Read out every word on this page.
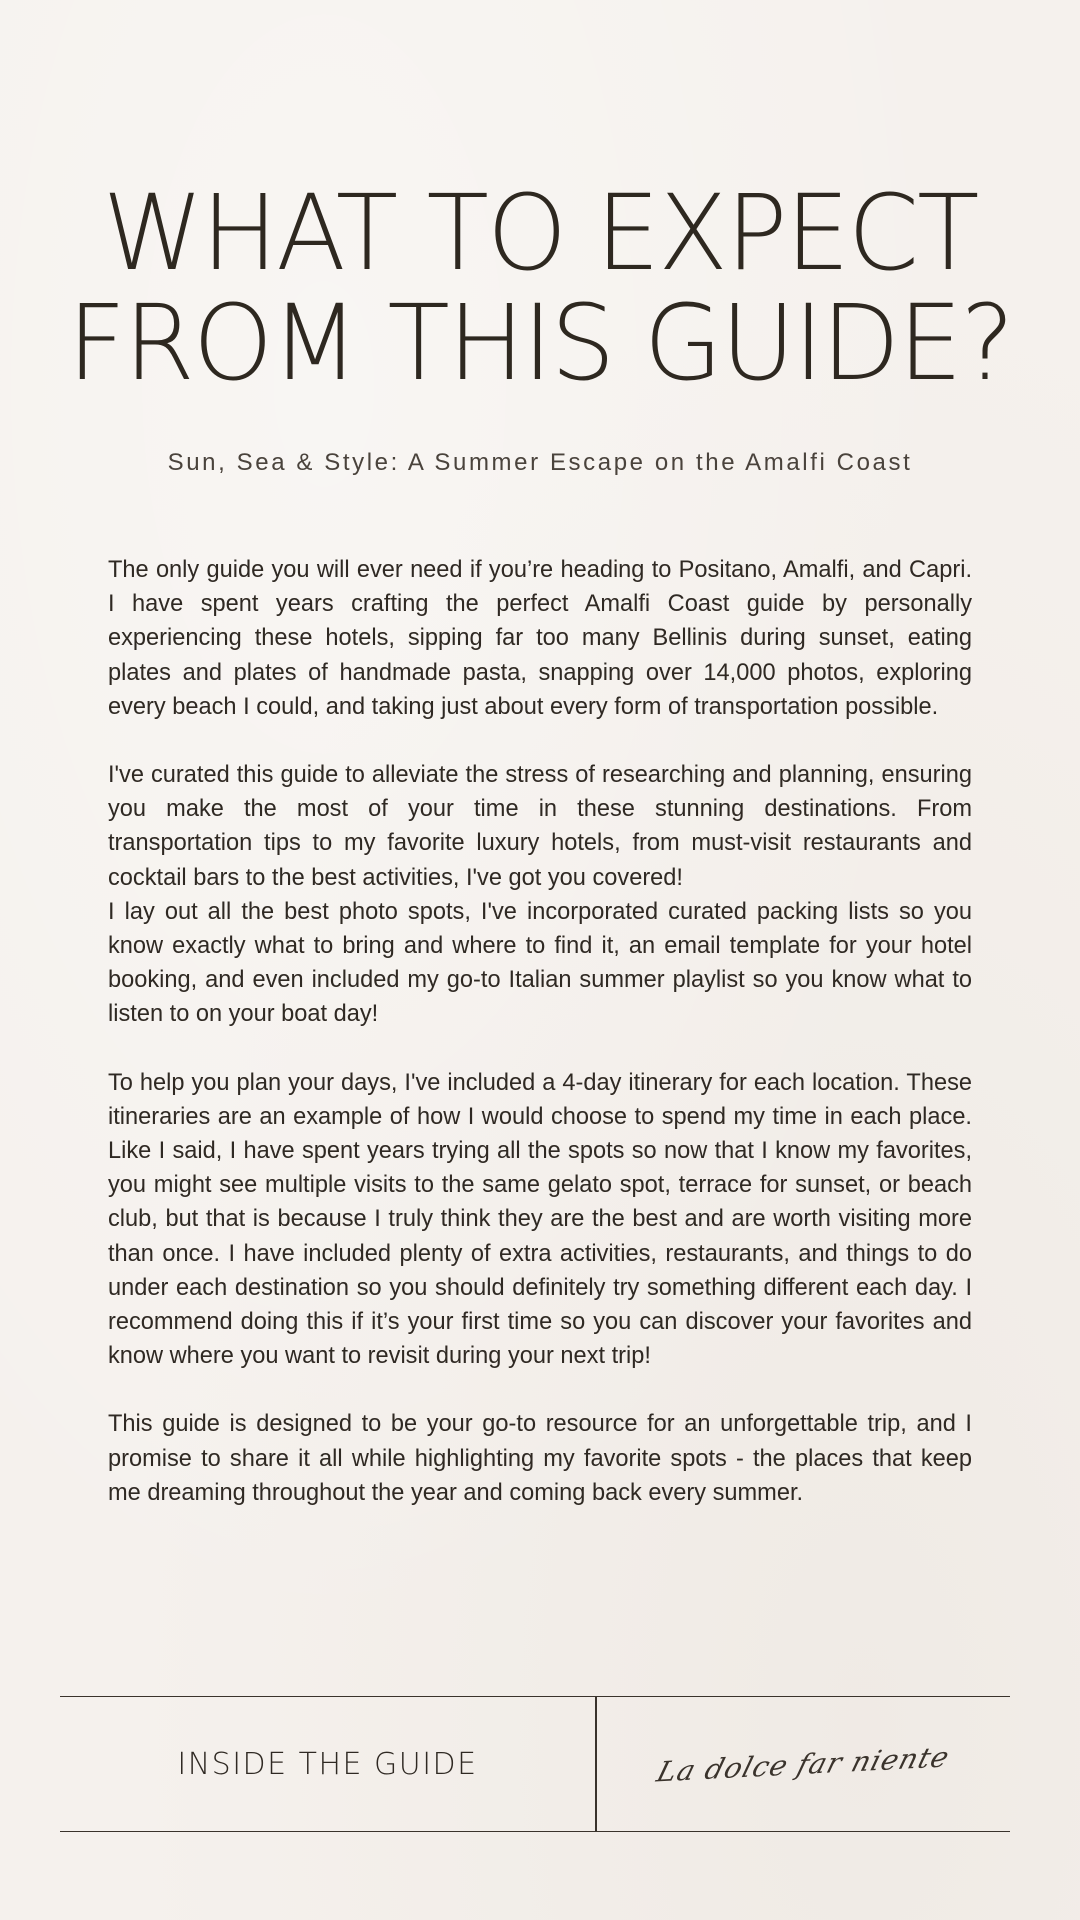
WHAT TO EXPECT
FROM THIS GUIDE?
Sun, Sea & Style: A Summer Escape on the Amalfi Coast

The only guide you will ever need if you’re heading to Positano, Amalfi, and Capri. I have spent years crafting the perfect Amalfi Coast guide by personally experiencing these hotels, sipping far too many Bellinis during sunset, eating plates and plates of handmade pasta, snapping over 14,000 photos, exploring every beach I could, and taking just about every form of transportation possible.

I've curated this guide to alleviate the stress of researching and planning, ensuring you make the most of your time in these stunning destinations. From transportation tips to my favorite luxury hotels, from must-visit restaurants and cocktail bars to the best activities, I've got you covered!

I lay out all the best photo spots, I've incorporated curated packing lists so you know exactly what to bring and where to find it, an email template for your hotel booking, and even included my go-to Italian summer playlist so you know what to listen to on your boat day!

To help you plan your days, I've included a 4-day itinerary for each location. These itineraries are an example of how I would choose to spend my time in each place. Like I said, I have spent years trying all the spots so now that I know my favorites, you might see multiple visits to the same gelato spot, terrace for sunset, or beach club, but that is because I truly think they are the best and are worth visiting more than once. I have included plenty of extra activities, restaurants, and things to do under each destination so you should definitely try something different each day. I recommend doing this if it’s your first time so you can discover your favorites and know where you want to revisit during your next trip!

This guide is designed to be your go-to resource for an unforgettable trip, and I promise to share it all while highlighting my favorite spots - the places that keep me dreaming throughout the year and coming back every summer.

INSIDE THE GUIDE	La dolce far niente
